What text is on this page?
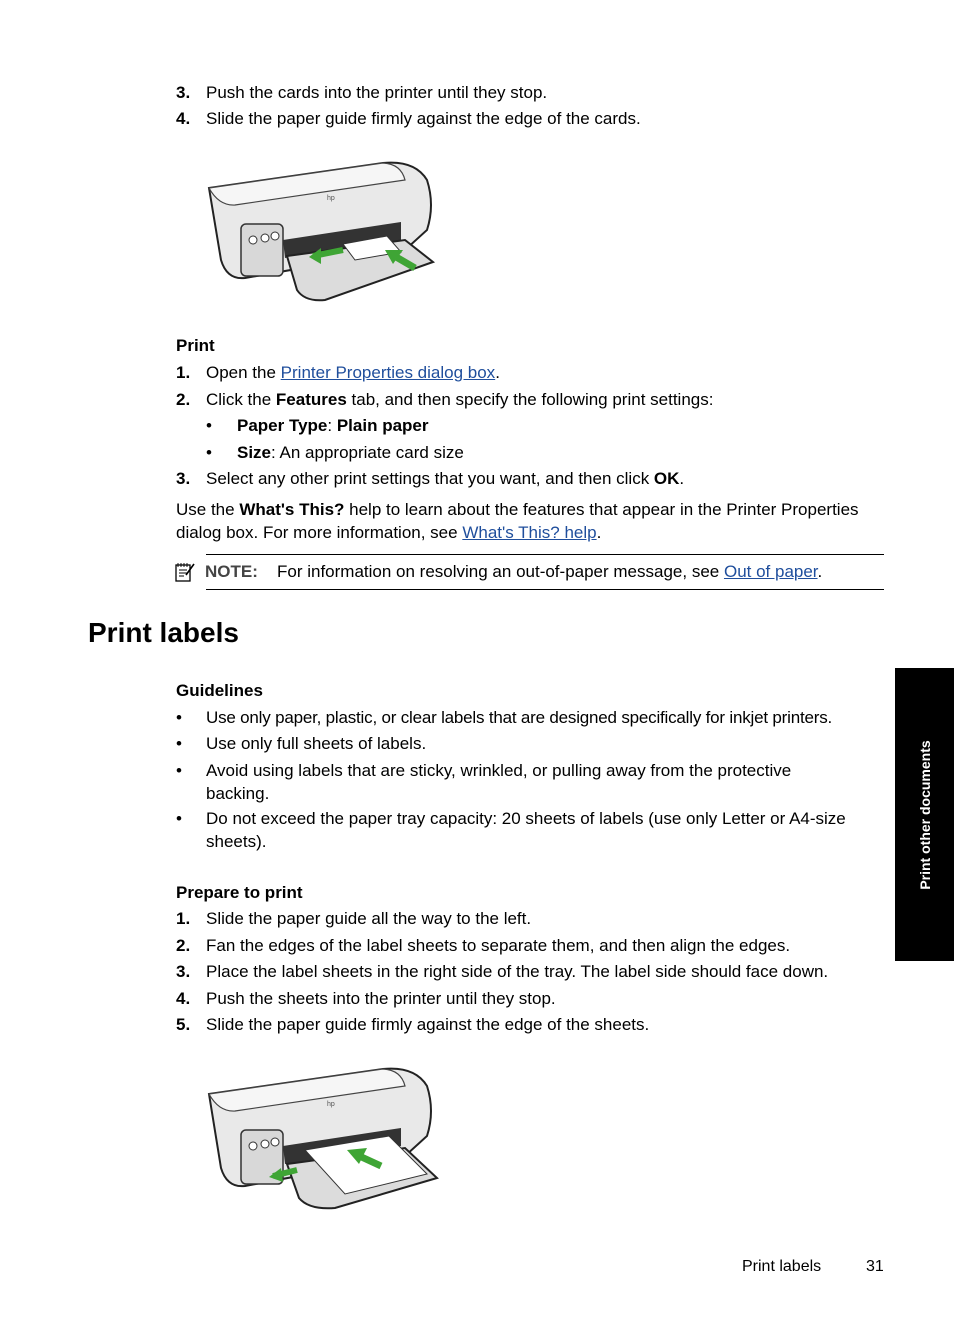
3. Push the cards into the printer until they stop.
4. Slide the paper guide firmly against the edge of the cards.
hp
Print
1. Open the Printer Properties dialog box.
2. Click the Features tab, and then specify the following print settings:
• Paper Type: Plain paper
• Size: An appropriate card size
3. Select any other print settings that you want, and then click OK.
Use the What's This? help to learn about the features that appear in the Printer Properties dialog box. For more information, see What's This? help.
NOTE: For information on resolving an out-of-paper message, see Out of paper.
Print labels
Guidelines
• Use only paper, plastic, or clear labels that are designed specifically for inkjet printers.
• Use only full sheets of labels.
• Avoid using labels that are sticky, wrinkled, or pulling away from the protective backing.
• Do not exceed the paper tray capacity: 20 sheets of labels (use only Letter or A4-size sheets).
Prepare to print
1. Slide the paper guide all the way to the left.
2. Fan the edges of the label sheets to separate them, and then align the edges.
3. Place the label sheets in the right side of the tray. The label side should face down.
4. Push the sheets into the printer until they stop.
5. Slide the paper guide firmly against the edge of the sheets.
hp
Print other documents
Print labels	31
